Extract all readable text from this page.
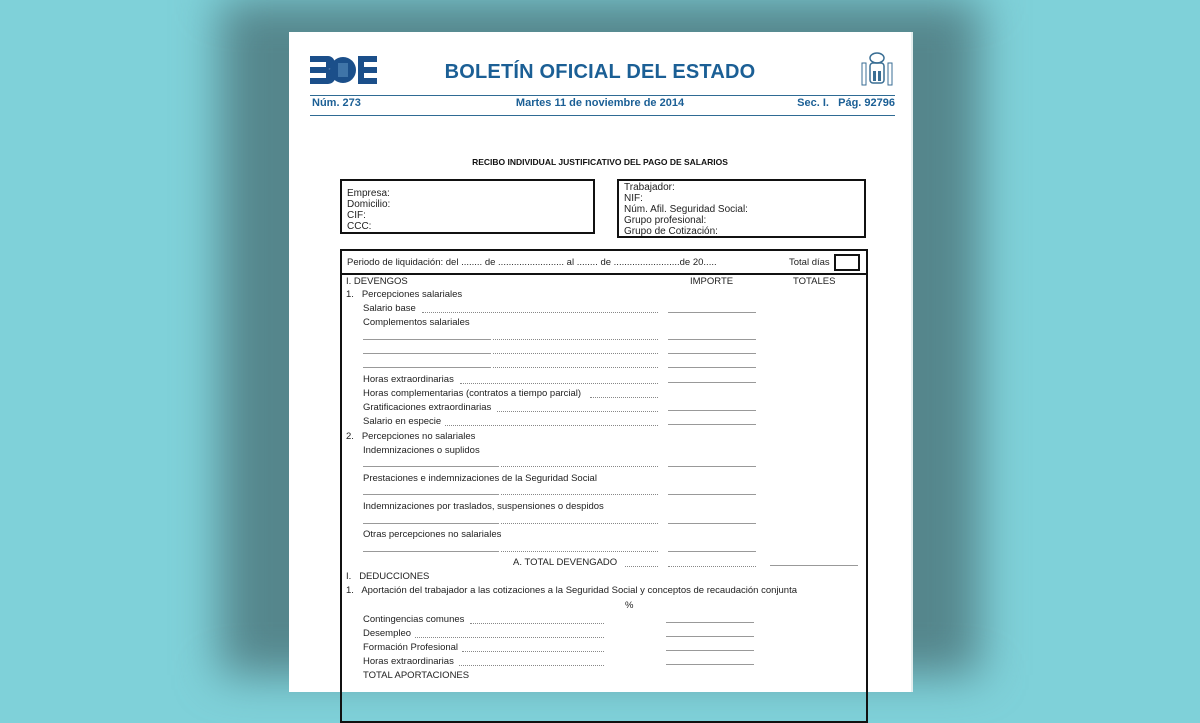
BOLETÍN OFICIAL DEL ESTADO
Núm. 273	Martes 11 de noviembre de 2014	Sec. I.   Pág. 92796
RECIBO INDIVIDUAL JUSTIFICATIVO DEL PAGO DE SALARIOS
Empresa:
Domicilio:
CIF:
CCC:
Trabajador:
NIF:
Núm. Afil. Seguridad Social:
Grupo profesional:
Grupo de Cotización:
Periodo de liquidación: del ........ de ......................... al ........ de .........................de 20.....	Total días
I. DEVENGOS	IMPORTE	TOTALES
1.   Percepciones salariales
Salario base
Complementos salariales
Horas extraordinarias
Horas complementarias (contratos a tiempo parcial)
Gratificaciones extraordinarias
Salario en especie
2.   Percepciones no salariales
Indemnizaciones o suplidos
Prestaciones e indemnizaciones de la Seguridad Social
Indemnizaciones por traslados, suspensiones o despidos
Otras percepciones no salariales
A. TOTAL DEVENGADO
I.   DEDUCCIONES
1.   Aportación del trabajador a las cotizaciones a la Seguridad Social y conceptos de recaudación conjunta
%
Contingencias comunes
Desempleo
Formación Profesional
Horas extraordinarias
TOTAL APORTACIONES
